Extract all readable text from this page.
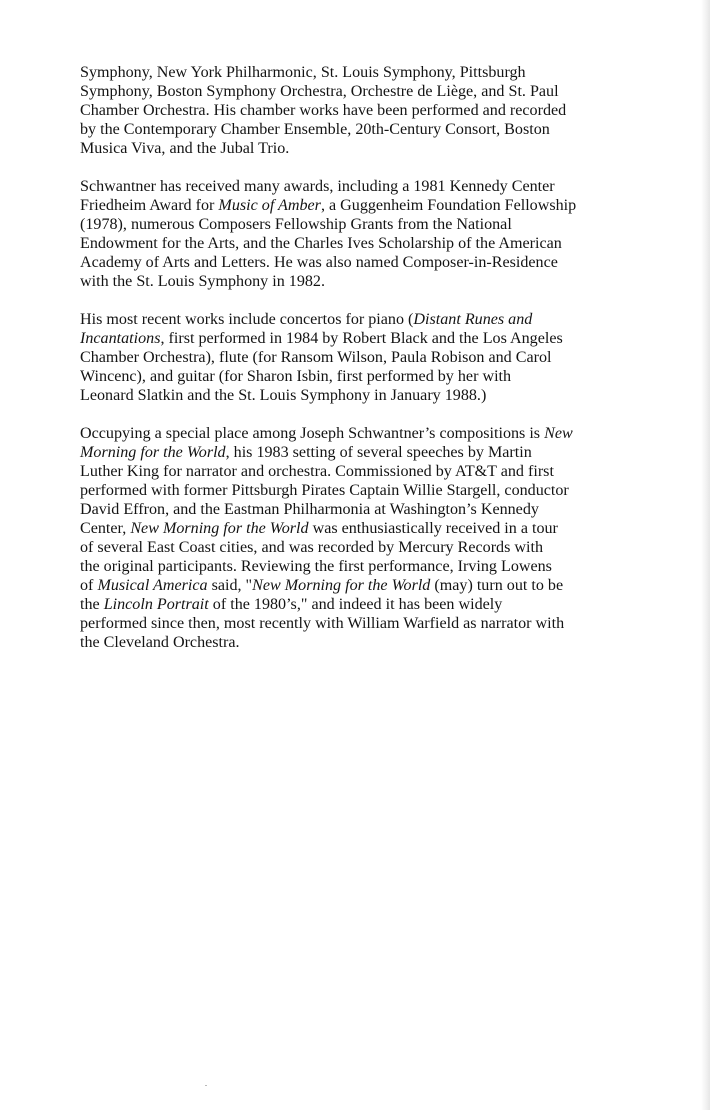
Symphony, New York Philharmonic, St. Louis Symphony, Pittsburgh
Symphony, Boston Symphony Orchestra, Orchestre de Liège, and St. Paul
Chamber Orchestra. His chamber works have been performed and recorded
by the Contemporary Chamber Ensemble, 20th-Century Consort, Boston
Musica Viva, and the Jubal Trio.
Schwantner has received many awards, including a 1981 Kennedy Center
Friedheim Award for Music of Amber, a Guggenheim Foundation Fellowship
(1978), numerous Composers Fellowship Grants from the National
Endowment for the Arts, and the Charles Ives Scholarship of the American
Academy of Arts and Letters. He was also named Composer-in-Residence
with the St. Louis Symphony in 1982.
His most recent works include concertos for piano (Distant Runes and
Incantations, first performed in 1984 by Robert Black and the Los Angeles
Chamber Orchestra), flute (for Ransom Wilson, Paula Robison and Carol
Wincenc), and guitar (for Sharon Isbin, first performed by her with
Leonard Slatkin and the St. Louis Symphony in January 1988.)
Occupying a special place among Joseph Schwantner’s compositions is New
Morning for the World, his 1983 setting of several speeches by Martin
Luther King for narrator and orchestra. Commissioned by AT&T and first
performed with former Pittsburgh Pirates Captain Willie Stargell, conductor
David Effron, and the Eastman Philharmonia at Washington’s Kennedy
Center, New Morning for the World was enthusiastically received in a tour
of several East Coast cities, and was recorded by Mercury Records with
the original participants. Reviewing the first performance, Irving Lowens
of Musical America said, "New Morning for the World (may) turn out to be
the Lincoln Portrait of the 1980’s," and indeed it has been widely
performed since then, most recently with William Warfield as narrator with
the Cleveland Orchestra.
